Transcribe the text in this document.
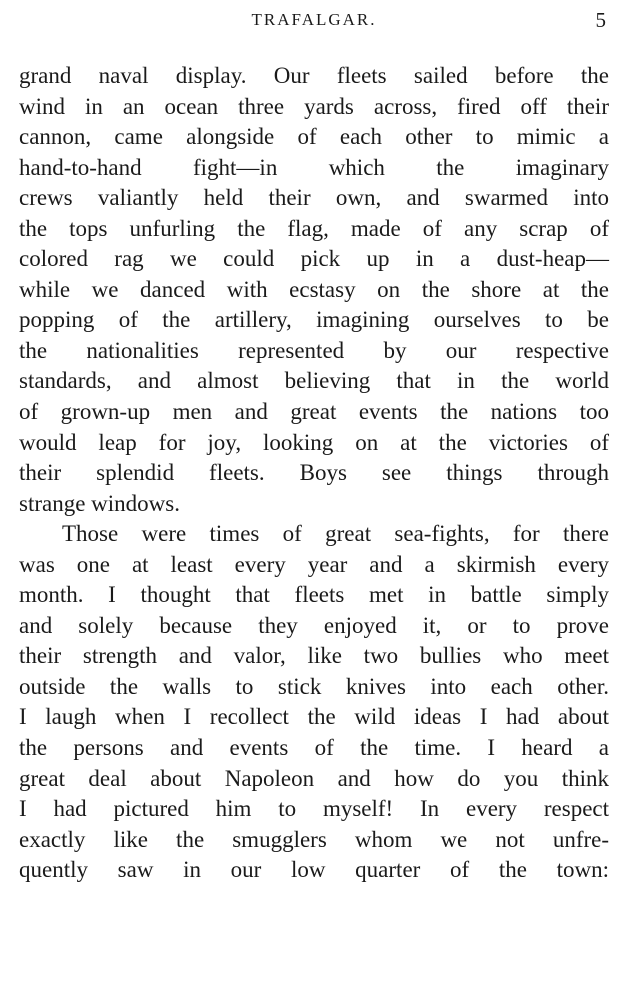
TRAFALGAR.	5
grand naval display. Our fleets sailed before the
wind in an ocean three yards across, fired off their
cannon, came alongside of each other to mimic a
hand-to-hand fight—in which the imaginary
crews valiantly held their own, and swarmed into
the tops unfurling the flag, made of any scrap of
colored rag we could pick up in a dust-heap—
while we danced with ecstasy on the shore at the
popping of the artillery, imagining ourselves to be
the nationalities represented by our respective
standards, and almost believing that in the world
of grown-up men and great events the nations too
would leap for joy, looking on at the victories of
their splendid fleets. Boys see things through
strange windows.
Those were times of great sea-fights, for there
was one at least every year and a skirmish every
month. I thought that fleets met in battle simply
and solely because they enjoyed it, or to prove
their strength and valor, like two bullies who meet
outside the walls to stick knives into each other.
I laugh when I recollect the wild ideas I had about
the persons and events of the time. I heard a
great deal about Napoleon and how do you think
I had pictured him to myself! In every respect
exactly like the smugglers whom we not unfre-
quently saw in our low quarter of the town:
